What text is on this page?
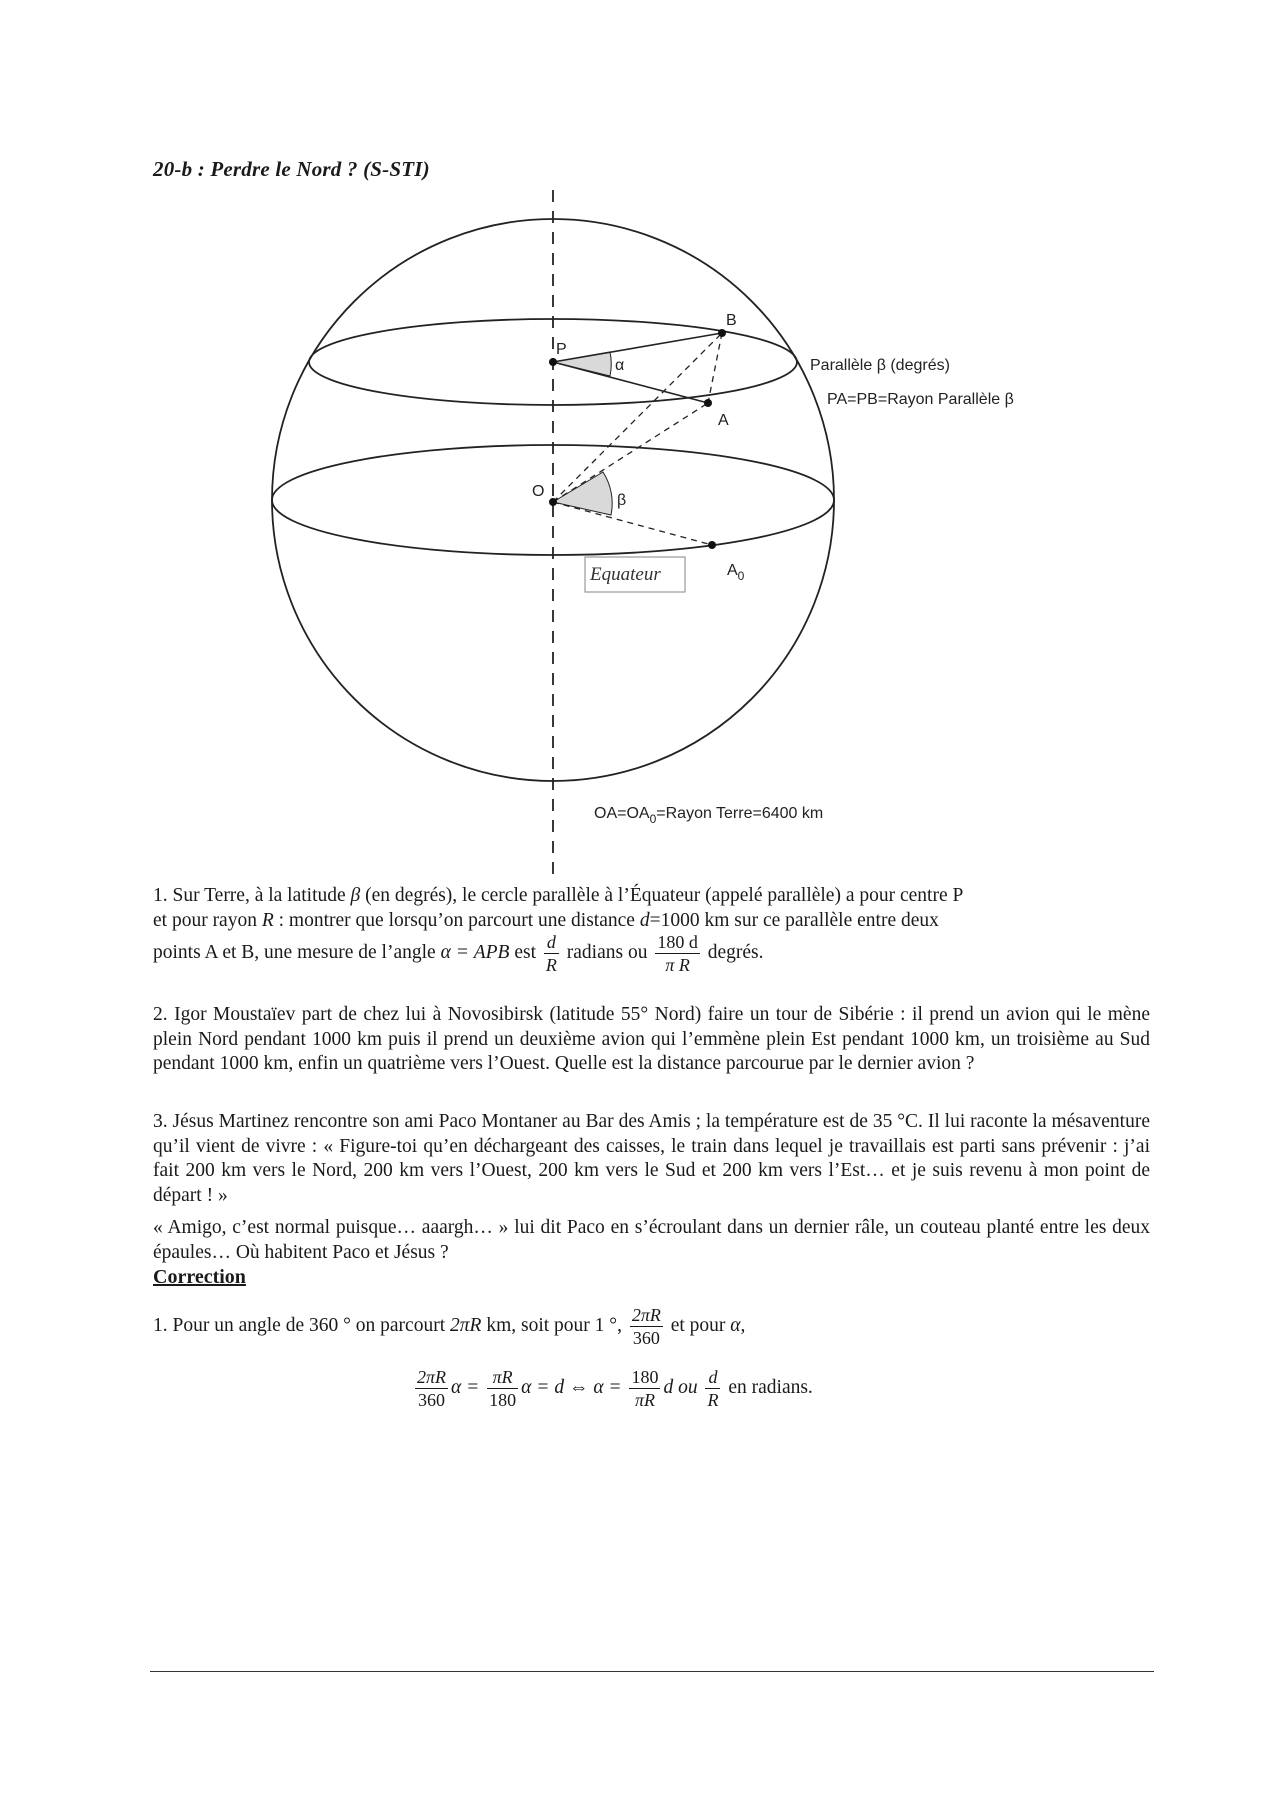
20-b : Perdre le Nord ? (S-STI)
P
B
A
O
α
β
$A_0$
Parallèle β (degrés)
PA=PB=Rayon Parallèle β
Equateur
$OA=OA_0=Rayon$ Terre=6400 km

1. Sur Terre, à la latitude β (en degrés), le cercle parallèle à l’Équateur (appelé parallèle) a pour centre P

et pour rayon R : montrer que lorsqu’on parcourt une distance d=1000 km sur ce parallèle entre deux

points A et B, une mesure de l’angle α = APB est $\frac{d}{R}$ radians ou $\frac{180 d}{\text{π R}}$ degrés.

2. Igor Moustaïev part de chez lui à Novosibirsk (latitude 55° Nord) faire un tour de Sibérie : il prend un avion qui le mène plein Nord pendant 1000 km puis il prend un deuxième avion qui l’emmène plein Est pendant 1000 km, un troisième au Sud pendant 1000 km, enfin un quatrième vers l’Ouest. Quelle est la distance parcourue par le dernier avion ?
3. Jésus Martinez rencontre son ami Paco Montaner au Bar des Amis ; la température est de 35 °C. Il lui raconte la mésaventure qu’il vient de vivre : « Figure-toi qu’en déchargeant des caisses, le train dans lequel je travaillais est parti sans prévenir : j’ai fait 200 km vers le Nord, 200 km vers l’Ouest, 200 km vers le Sud et 200 km vers l’Est… et je suis revenu à mon point de départ ! »
« Amigo, c’est normal puisque… aaargh… » lui dit Paco en s’écroulant dans un dernier râle, un couteau planté entre les deux épaules… Où habitent Paco et Jésus ?
Correction
1. Pour un angle de 360 ° on parcourt 2πR km, soit pour 1 °, $\frac{2\pi R}{360}$ et pour α,
$\frac{2\pi R}{360}$ $\alpha = \frac{\pi R}{180}$ α = d ⇔ $\alpha = \frac{180}{\pi R}$ d ou $\frac{d}{R}$ en radians.
